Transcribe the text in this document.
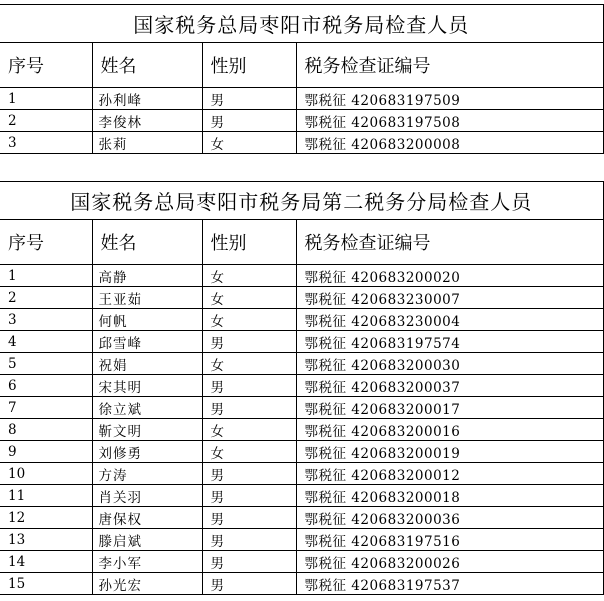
国家税务总局枣阳市税务局检查人员			
序号	姓名	性别	税务检查证编号
1	孙利峰	男	鄂税征 420683197509
2	李俊林	男	鄂税征 420683197508
3	张莉	女	鄂税征 420683200008
国家税务总局枣阳市税务局第二税务分局检查人员			
序号	姓名	性别	税务检查证编号
1	高静	女	鄂税征 420683200020
2	王亚茹	女	鄂税征 420683230007
3	何帆	女	鄂税征 420683230004
4	邱雪峰	男	鄂税征 420683197574
5	祝娟	女	鄂税征 420683200030
6	宋其明	男	鄂税征 420683200037
7	徐立斌	男	鄂税征 420683200017
8	靳文明	女	鄂税征 420683200016
9	刘修勇	女	鄂税征 420683200019
10	方涛	男	鄂税征 420683200012
11	肖关羽	男	鄂税征 420683200018
12	唐保权	男	鄂税征 420683200036
13	滕启斌	男	鄂税征 420683197516
14	李小军	男	鄂税征 420683200026
15	孙光宏	男	鄂税征 420683197537
